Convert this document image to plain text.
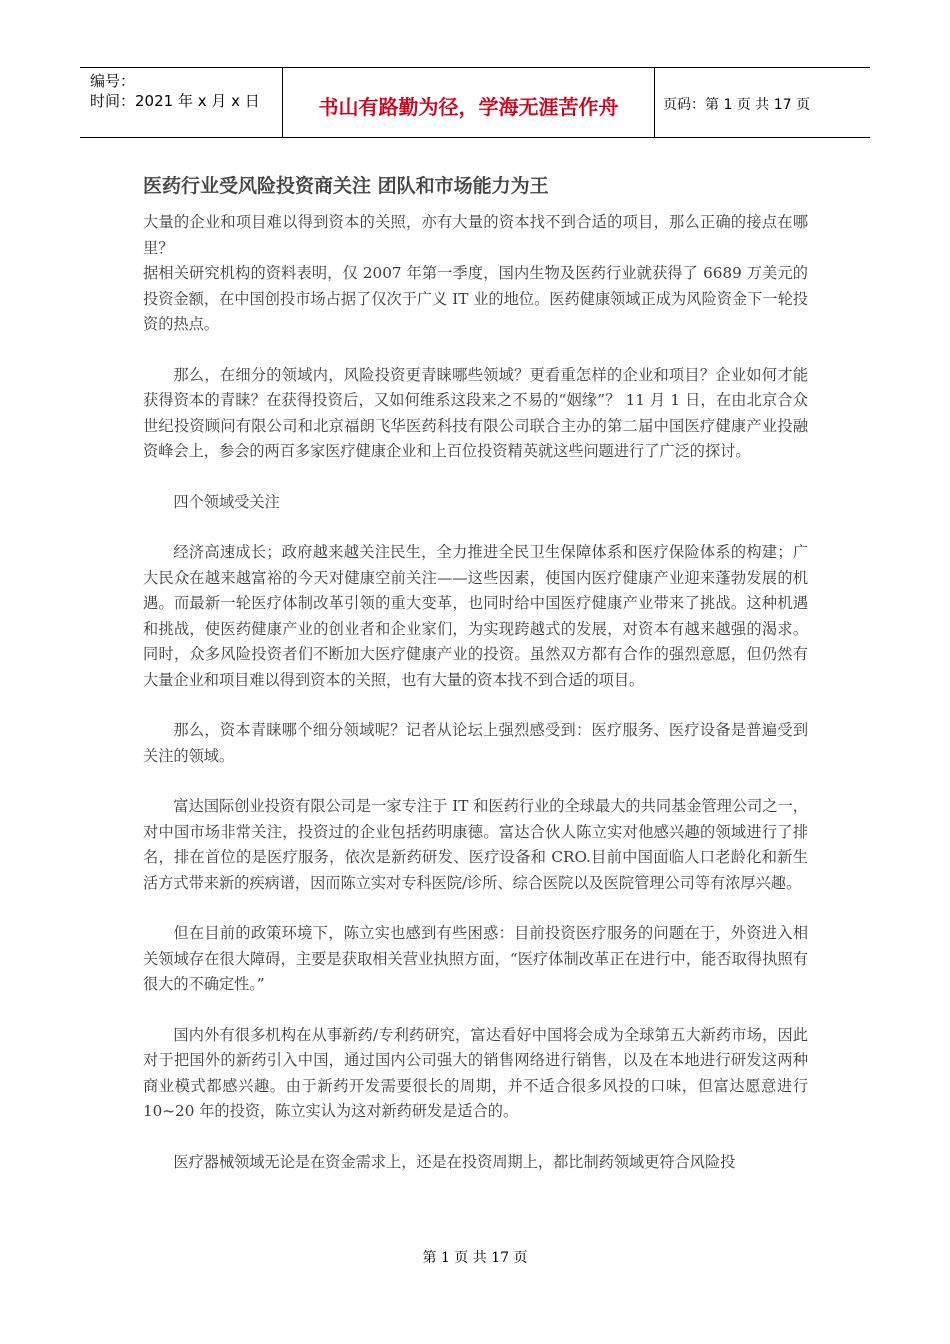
编号：
时间：2021 年 x 月 x 日	书山有路勤为径，学海无涯苦作舟	页码：第 1 页 共 17 页
医药行业受风险投资商关注 团队和市场能力为王

大量的企业和项目难以得到资本的关照，亦有大量的资本找不到合适的项目，那么正确的接点在哪里？

据相关研究机构的资料表明，仅 2007 年第一季度，国内生物及医药行业就获得了 6689 万美元的投资金额，在中国创投市场占据了仅次于广义 IT 业的地位。医药健康领域正成为风险资金下一轮投资的热点。

那么，在细分的领域内，风险投资更青睐哪些领域？更看重怎样的企业和项目？企业如何才能获得资本的青睐？在获得投资后，又如何维系这段来之不易的“姻缘”？ 11 月 1 日，在由北京合众世纪投资顾问有限公司和北京福朗飞华医药科技有限公司联合主办的第二届中国医疗健康产业投融资峰会上，参会的两百多家医疗健康企业和上百位投资精英就这些问题进行了广泛的探讨。

四个领域受关注

经济高速成长；政府越来越关注民生，全力推进全民卫生保障体系和医疗保险体系的构建；广大民众在越来越富裕的今天对健康空前关注——这些因素，使国内医疗健康产业迎来蓬勃发展的机遇。而最新一轮医疗体制改革引领的重大变革，也同时给中国医疗健康产业带来了挑战。这种机遇和挑战，使医药健康产业的创业者和企业家们，为实现跨越式的发展，对资本有越来越强的渴求。同时，众多风险投资者们不断加大医疗健康产业的投资。虽然双方都有合作的强烈意愿，但仍然有大量企业和项目难以得到资本的关照，也有大量的资本找不到合适的项目。

那么，资本青睐哪个细分领域呢？记者从论坛上强烈感受到：医疗服务、医疗设备是普遍受到关注的领域。

富达国际创业投资有限公司是一家专注于 IT 和医药行业的全球最大的共同基金管理公司之一，对中国市场非常关注，投资过的企业包括药明康德。富达合伙人陈立实对他感兴趣的领域进行了排名，排在首位的是医疗服务，依次是新药研发、医疗设备和 CRO.目前中国面临人口老龄化和新生活方式带来新的疾病谱，因而陈立实对专科医院/诊所、综合医院以及医院管理公司等有浓厚兴趣。

但在目前的政策环境下，陈立实也感到有些困惑：目前投资医疗服务的问题在于，外资进入相关领域存在很大障碍，主要是获取相关营业执照方面，“医疗体制改革正在进行中，能否取得执照有很大的不确定性。”

国内外有很多机构在从事新药/专利药研究，富达看好中国将会成为全球第五大新药市场，因此对于把国外的新药引入中国，通过国内公司强大的销售网络进行销售，以及在本地进行研发这两种商业模式都感兴趣。由于新药开发需要很长的周期，并不适合很多风投的口味，但富达愿意进行 10~20 年的投资，陈立实认为这对新药研发是适合的。

医疗器械领域无论是在资金需求上，还是在投资周期上，都比制药领域更符合风险投

第 1 页 共 17 页
